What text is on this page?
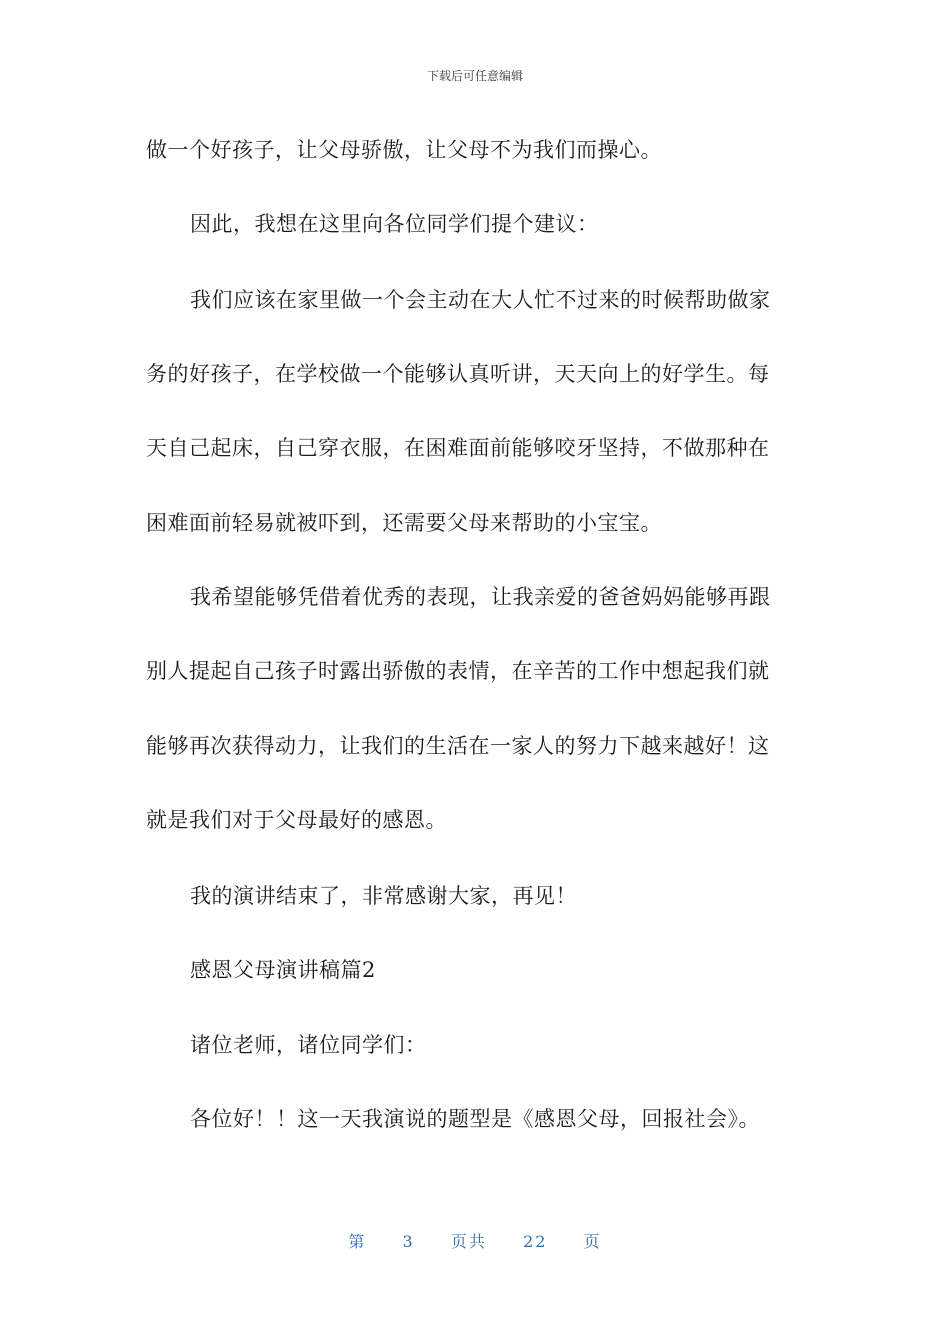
下载后可任意编辑
做一个好孩子，让父母骄傲，让父母不为我们而操心。
因此，我想在这里向各位同学们提个建议：
我们应该在家里做一个会主动在大人忙不过来的时候帮助做家
务的好孩子，在学校做一个能够认真听讲，天天向上的好学生。每
天自己起床，自己穿衣服，在困难面前能够咬牙坚持，不做那种在
困难面前轻易就被吓到，还需要父母来帮助的小宝宝。
我希望能够凭借着优秀的表现，让我亲爱的爸爸妈妈能够再跟
别人提起自己孩子时露出骄傲的表情，在辛苦的工作中想起我们就
能够再次获得动力，让我们的生活在一家人的努力下越来越好！这
就是我们对于父母最好的感恩。
我的演讲结束了，非常感谢大家，再见！
感恩父母演讲稿篇2
诸位老师，诸位同学们：
各位好！！这一天我演说的题型是《感恩父母，回报社会》。
第 3 页共 22 页
